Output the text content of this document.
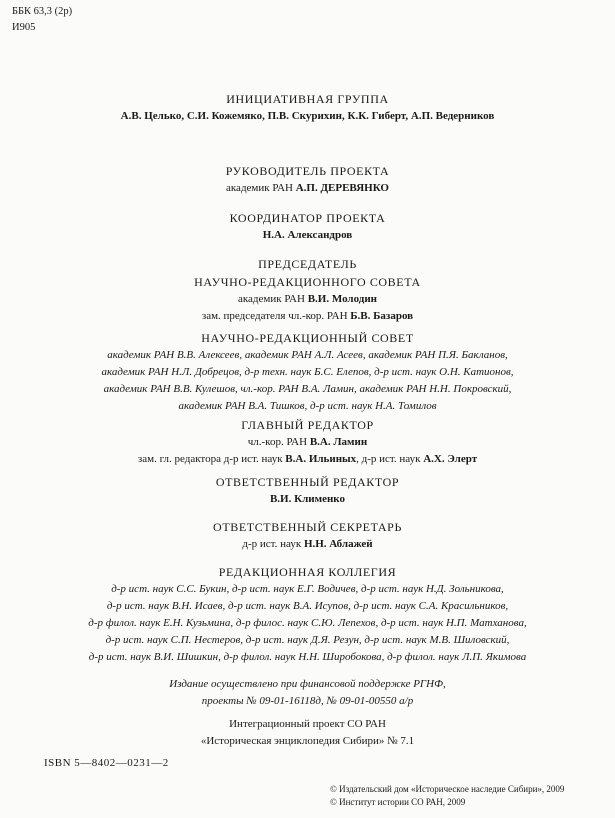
ББК 63,3 (2р)
И905
ИНИЦИАТИВНАЯ ГРУППА
А.В. Целько, С.И. Кожемяко, П.В. Скурихин, К.К. Гиберт, А.П. Ведерников
РУКОВОДИТЕЛЬ ПРОЕКТА
академик РАН А.П. ДЕРЕВЯНКО
КООРДИНАТОР ПРОЕКТА
Н.А. Александров
ПРЕДСЕДАТЕЛЬ
НАУЧНО-РЕДАКЦИОННОГО СОВЕТА
академик РАН В.И. Молодин
зам. председателя чл.-кор. РАН Б.В. Базаров
НАУЧНО-РЕДАКЦИОННЫЙ СОВЕТ
академик РАН В.В. Алексеев, академик РАН А.Л. Асеев, академик РАН П.Я. Бакланов,
академик РАН Н.Л. Добрецов, д-р техн. наук Б.С. Елепов, д-р ист. наук О.Н. Катионов,
академик РАН В.В. Кулешов, чл.-кор. РАН В.А. Ламин, академик РАН Н.Н. Покровский,
академик РАН В.А. Тишков, д-р ист. наук Н.А. Томилов
ГЛАВНЫЙ РЕДАКТОР
чл.-кор. РАН В.А. Ламин
зам. гл. редактора д-р ист. наук В.А. Ильиных, д-р ист. наук А.Х. Элерт
ОТВЕТСТВЕННЫЙ РЕДАКТОР
В.И. Клименко
ОТВЕТСТВЕННЫЙ СЕКРЕТАРЬ
д-р ист. наук Н.Н. Аблажей
РЕДАКЦИОННАЯ КОЛЛЕГИЯ
д-р ист. наук С.С. Букин, д-р ист. наук Е.Г. Водичев, д-р ист. наук Н.Д. Зольникова,
д-р ист. наук В.Н. Исаев, д-р ист. наук В.А. Исупов, д-р ист. наук С.А. Красильников,
д-р филол. наук Е.Н. Кузьмина, д-р филос. наук С.Ю. Лепехов, д-р ист. наук Н.П. Матханова,
д-р ист. наук С.П. Нестеров, д-р ист. наук Д.Я. Резун, д-р ист. наук М.В. Шиловский,
д-р ист. наук В.И. Шишкин, д-р филол. наук Н.Н. Широбокова, д-р филол. наук Л.П. Якимова
Издание осуществлено при финансовой поддержке РГНФ,
проекты № 09-01-16118д, № 09-01-00550 а/р
Интеграционный проект СО РАН
«Историческая энциклопедия Сибири» № 7.1
ISBN 5—8402—0231—2
© Издательский дом «Историческое наследие Сибири», 2009
© Институт истории СО РАН, 2009
